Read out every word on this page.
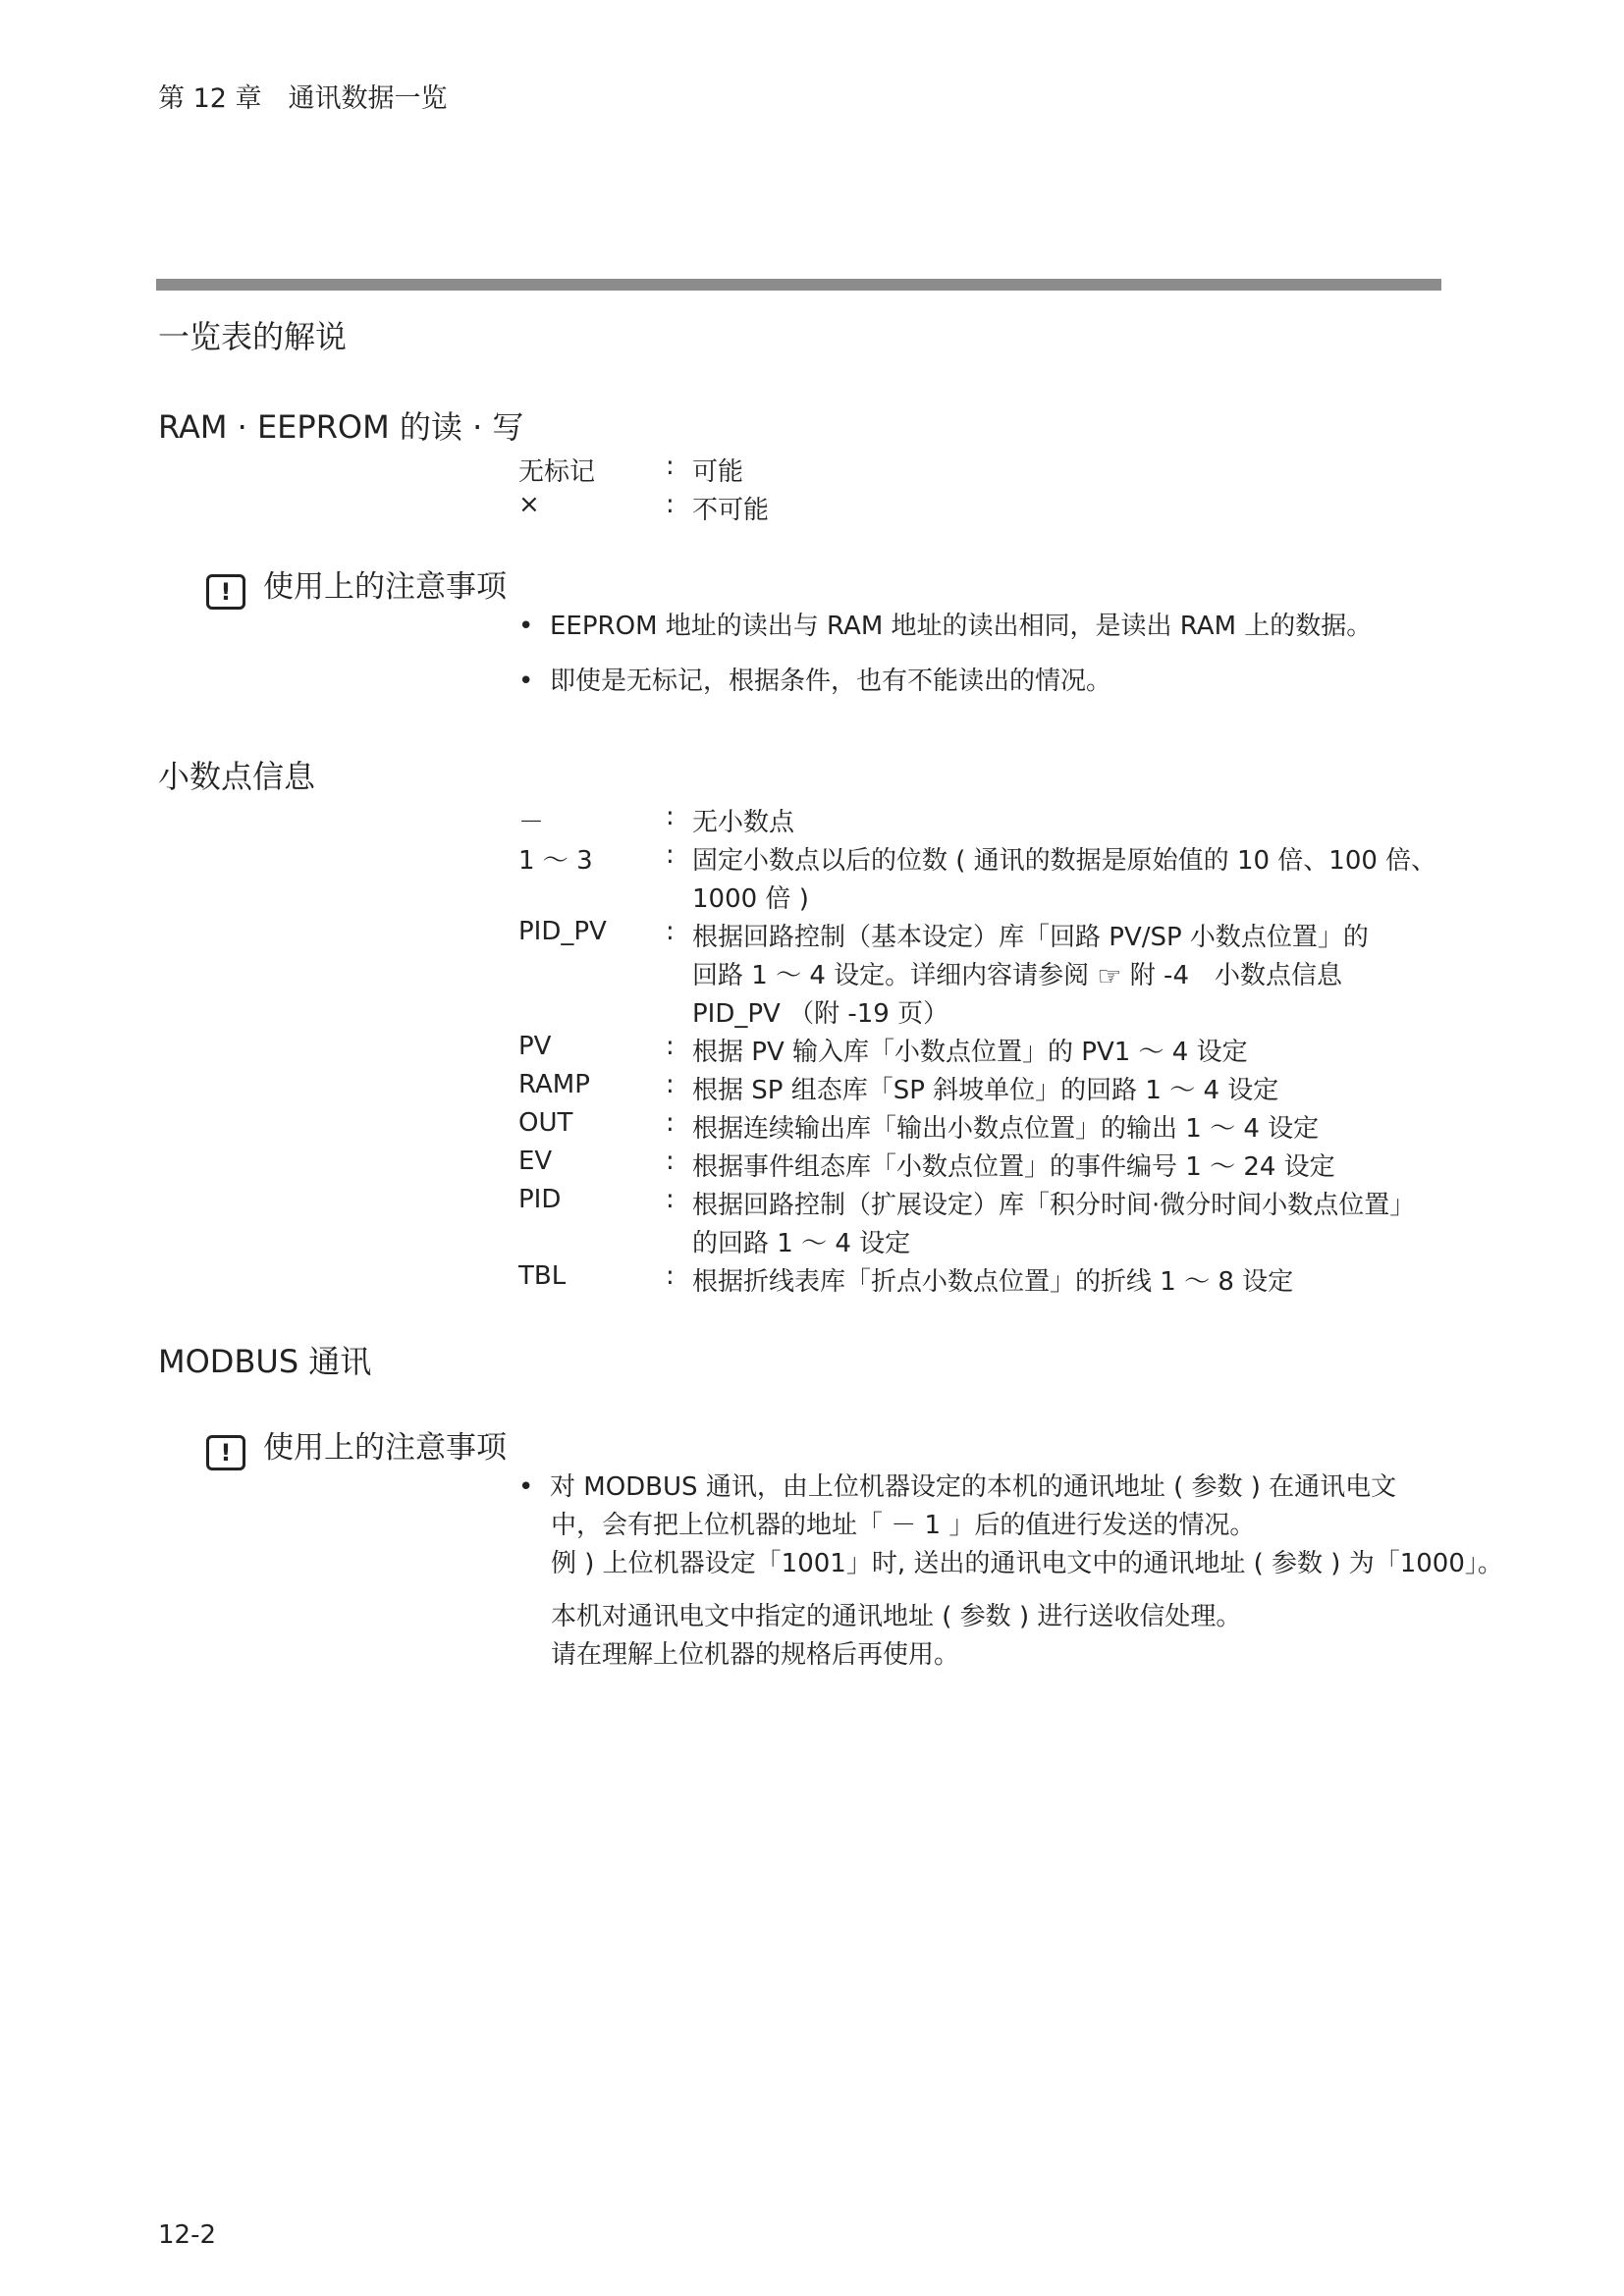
第 12 章　通讯数据一览
一览表的解说
RAM · EEPROM 的读 · 写
无标记	: 可能
×	: 不可能
! 使用上的注意事项
• EEPROM 地址的读出与 RAM 地址的读出相同，是读出 RAM 上的数据。
• 即使是无标记，根据条件，也有不能读出的情况。
小数点信息
－	: 无小数点
1 ～ 3	: 固定小数点以后的位数 ( 通讯的数据是原始值的 10 倍、100 倍、
1000 倍 )
PID_PV : 根据回路控制（基本设定）库「回路 PV/SP 小数点位置」的
回路 1 ～ 4 设定。详细内容请参阅 ☞ 附 -4　小数点信息
PID_PV （附 -19 页）
PV	: 根据 PV 输入库「小数点位置」的 PV1 ～ 4 设定
RAMP	: 根据 SP 组态库「SP 斜坡单位」的回路 1 ～ 4 设定
OUT	: 根据连续输出库「输出小数点位置」的输出 1 ～ 4 设定
EV	: 根据事件组态库「小数点位置」的事件编号 1 ～ 24 设定
PID	: 根据回路控制（扩展设定）库「积分时间·微分时间小数点位置」
的回路 1 ～ 4 设定
TBL	: 根据折线表库「折点小数点位置」的折线 1 ～ 8 设定
MODBUS 通讯
! 使用上的注意事项
• 对 MODBUS 通讯，由上位机器设定的本机的通讯地址 ( 参数 ) 在通讯电文
中，会有把上位机器的地址「 － 1 」后的值进行发送的情况。
例 ) 上位机器设定「1001」时, 送出的通讯电文中的通讯地址 ( 参数 ) 为「1000」。
本机对通讯电文中指定的通讯地址 ( 参数 ) 进行送收信处理。
请在理解上位机器的规格后再使用。
12-2
